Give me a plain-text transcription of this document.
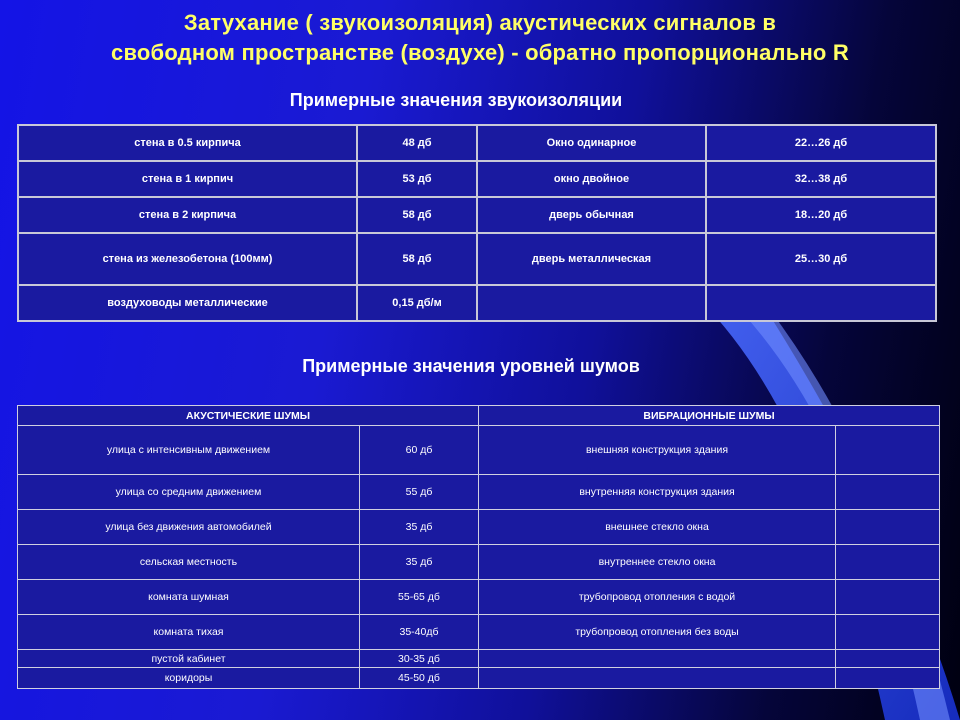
Затухание ( звукоизоляция) акустических сигналов в
свободном пространстве (воздухе) - обратно пропорционально R
Примерные значения звукоизоляции
стена в 0.5 кирпича	48 дб	Окно одинарное	22…26 дб
стена в 1 кирпич	53 дб	окно двойное	32…38 дб
стена в 2 кирпича	58 дб	дверь обычная	18…20 дб
стена из железобетона (100мм)	58 дб	дверь металлическая	25…30 дб
воздуховоды металлические	0,15 дб/м		
Примерные значения уровней шумов
АКУСТИЧЕСКИЕ ШУМЫ		ВИБРАЦИОННЫЕ ШУМЫ	
улица с интенсивным движением	60 дб	внешняя конструкция здания	
улица со средним движением	55 дб	внутренняя конструкция здания	
улица без движения автомобилей	35 дб	внешнее стекло окна	
сельская местность	35 дб	внутреннее стекло окна	
комната шумная	55-65 дб	трубопровод отопления с водой	
комната тихая	35-40дб	трубопровод отопления без воды	
пустой кабинет	30-35 дб		
коридоры	45-50 дб		
